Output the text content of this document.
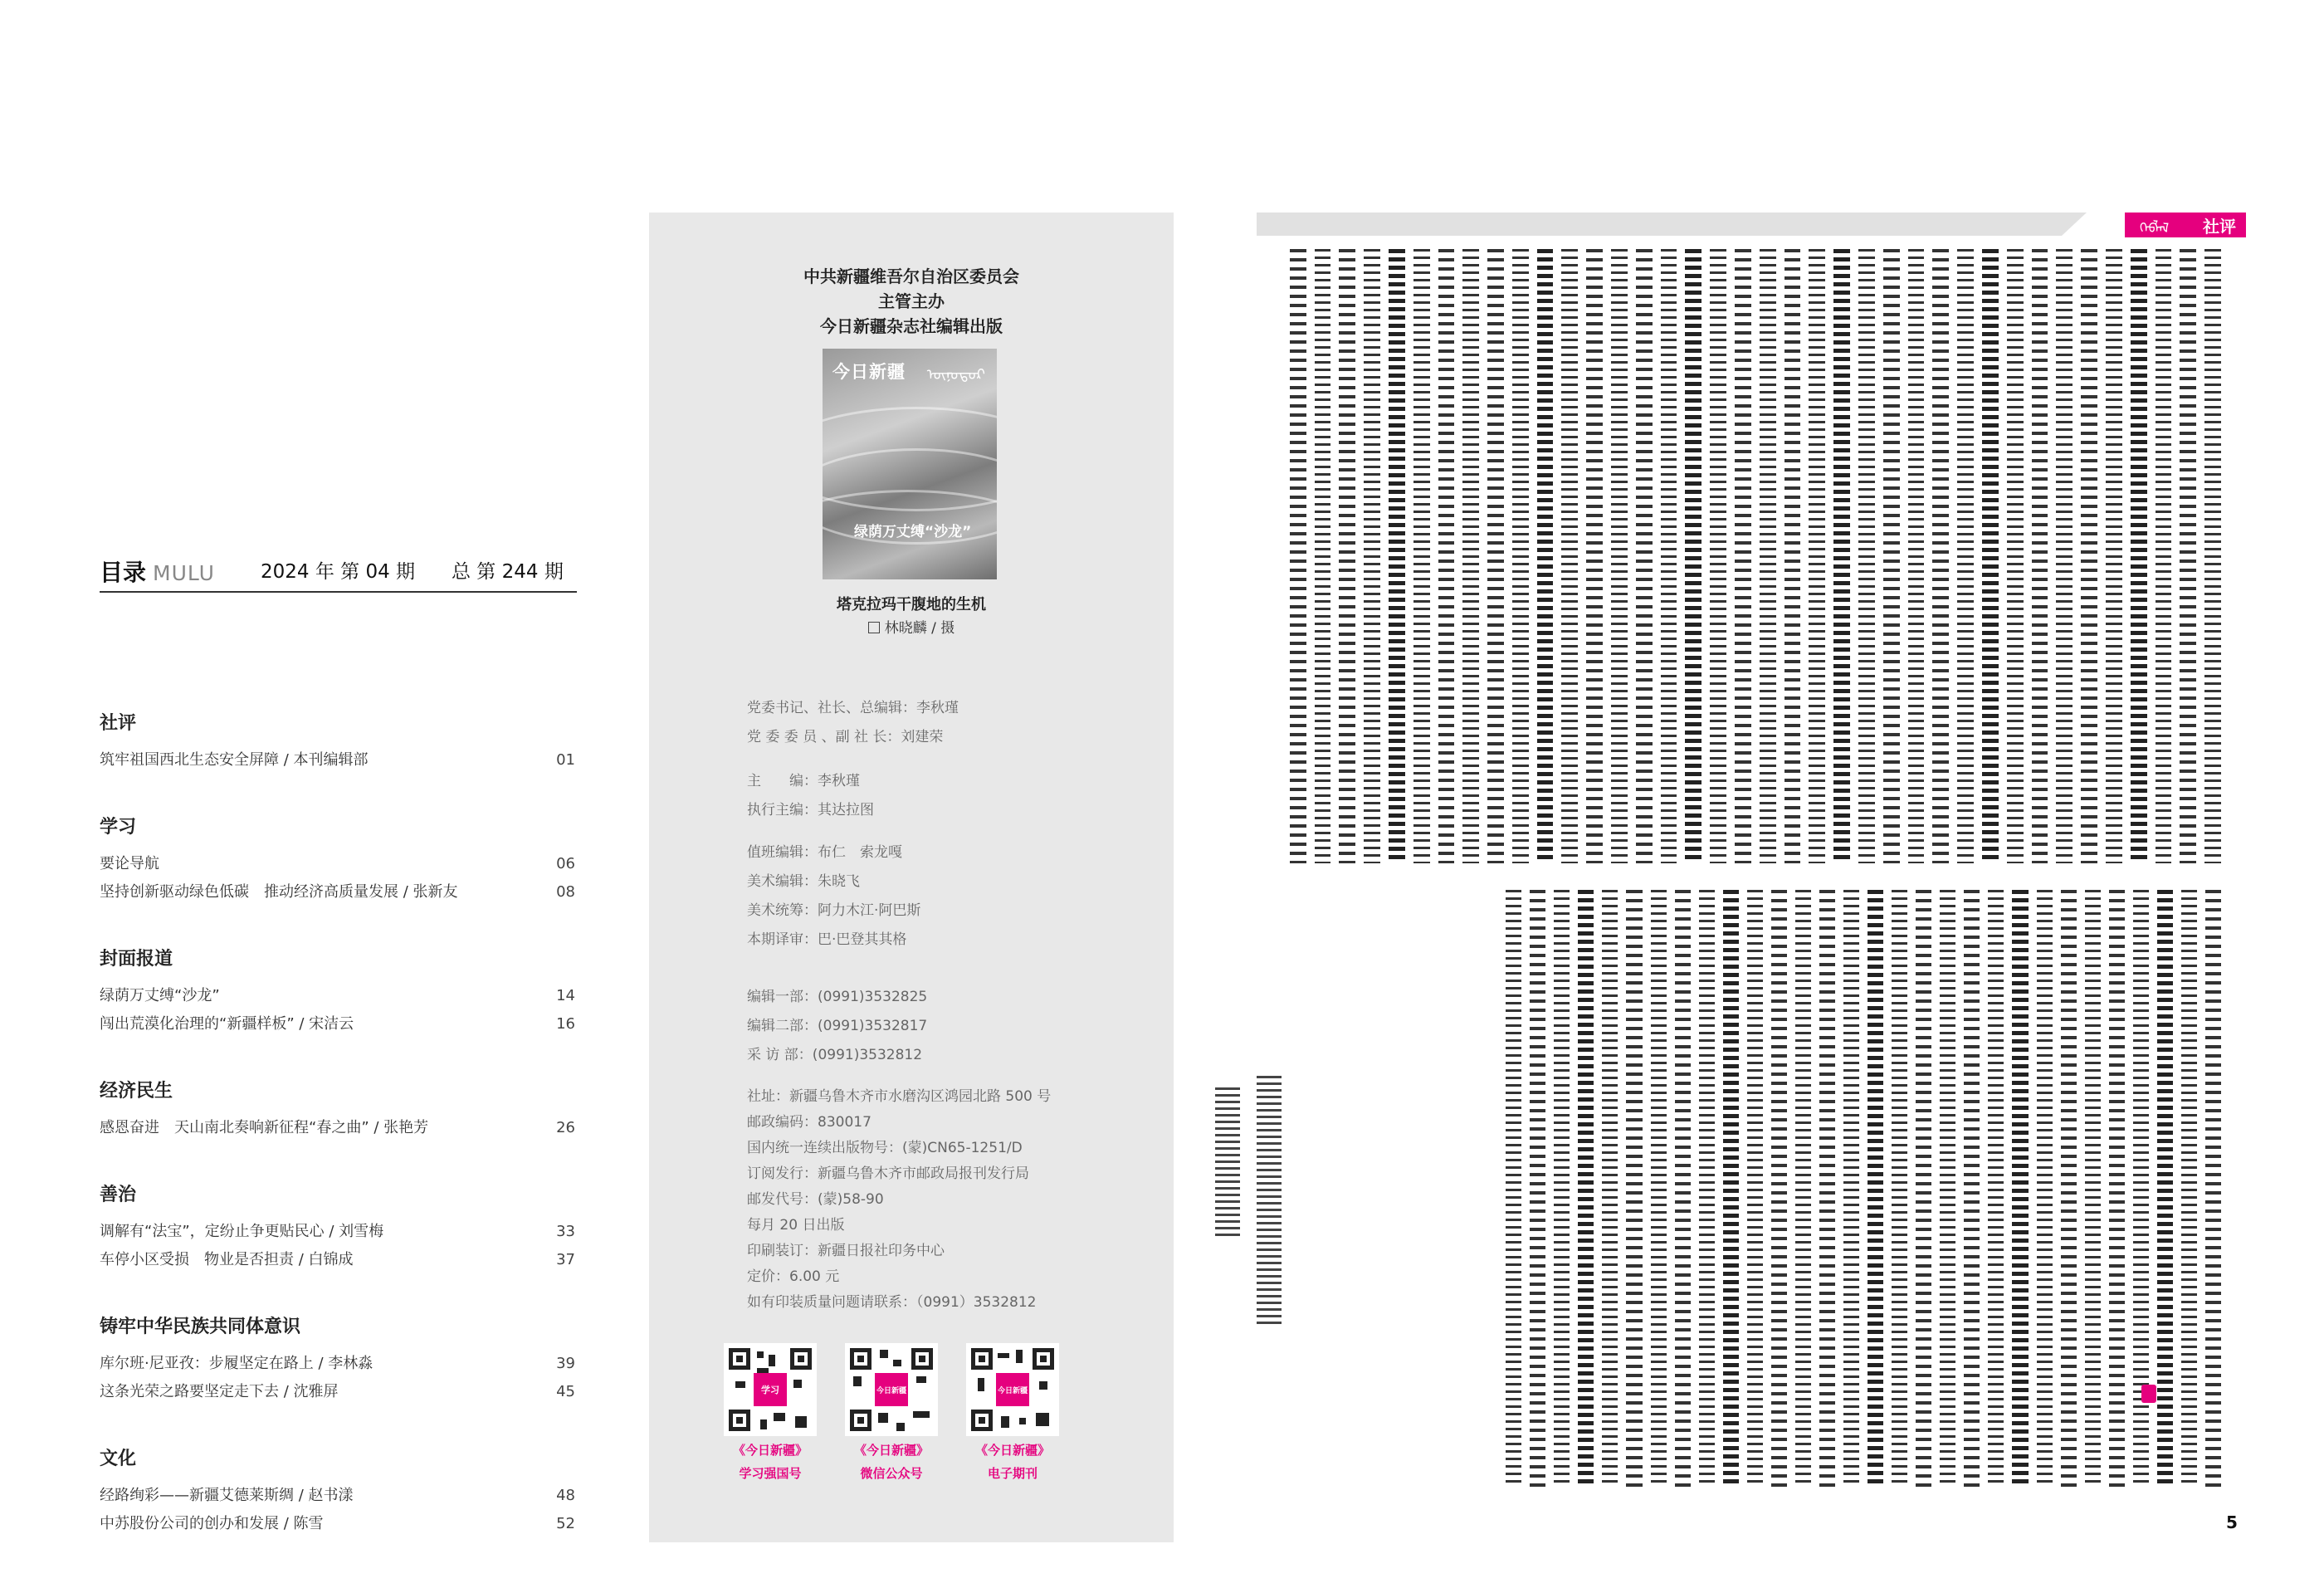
目录 MULU 2024 年 第 04 期 总 第 244 期
社评
筑牢祖国西北生态安全屏障 / 本刊编辑部	01
学习
要论导航	06
坚持创新驱动绿色低碳　推动经济高质量发展 / 张新友	08
封面报道
绿荫万丈缚“沙龙”	14
闯出荒漠化治理的“新疆样板” / 宋洁云	16
经济民生
感恩奋进　天山南北奏响新征程“春之曲” / 张艳芳	26
善治
调解有“法宝”，定纷止争更贴民心 / 刘雪梅	33
车停小区受损　物业是否担责 / 白锦成	37
铸牢中华民族共同体意识
库尔班·尼亚孜：步履坚定在路上 / 李林淼	39
这条光荣之路要坚定走下去 / 沈雅屏	45
文化
经路绚彩——新疆艾德莱斯绸 / 赵书漾	48
中苏股份公司的创办和发展 / 陈雪	52
中共新疆维吾尔自治区委员会
主管主办
今日新疆杂志社编辑出版
今日新疆 ᠥᠨᠥᠳᠥᠷ
绿荫万丈缚“沙龙”
塔克拉玛干腹地的生机
林晓麟 / 摄
党委书记、社长、总编辑：李秋瑾
党 委 委 员 、副 社 长：刘建荣
主　　编：李秋瑾
执行主编：其达拉图
值班编辑：布仁　索龙嘎
美术编辑：朱晓飞
美术统筹：阿力木江·阿巴斯
本期译审：巴·巴登其其格
编辑一部：(0991)3532825
编辑二部：(0991)3532817
采 访 部：(0991)3532812
社址：新疆乌鲁木齐市水磨沟区鸿园北路 500 号
邮政编码：830017
国内统一连续出版物号：(蒙)CN65-1251/D
订阅发行：新疆乌鲁木齐市邮政局报刊发行局
邮发代号：(蒙)58-90
每月 20 日出版
印刷装订：新疆日报社印务中心
定价：6.00 元
如有印装质量问题请联系：（0991）3532812
学习
《今日新疆》
学习强国号
今日新疆
《今日新疆》
微信公众号
今日新疆
《今日新疆》
电子期刊
ᠬᠡᠪᠯᠡᠯ 社评
5
